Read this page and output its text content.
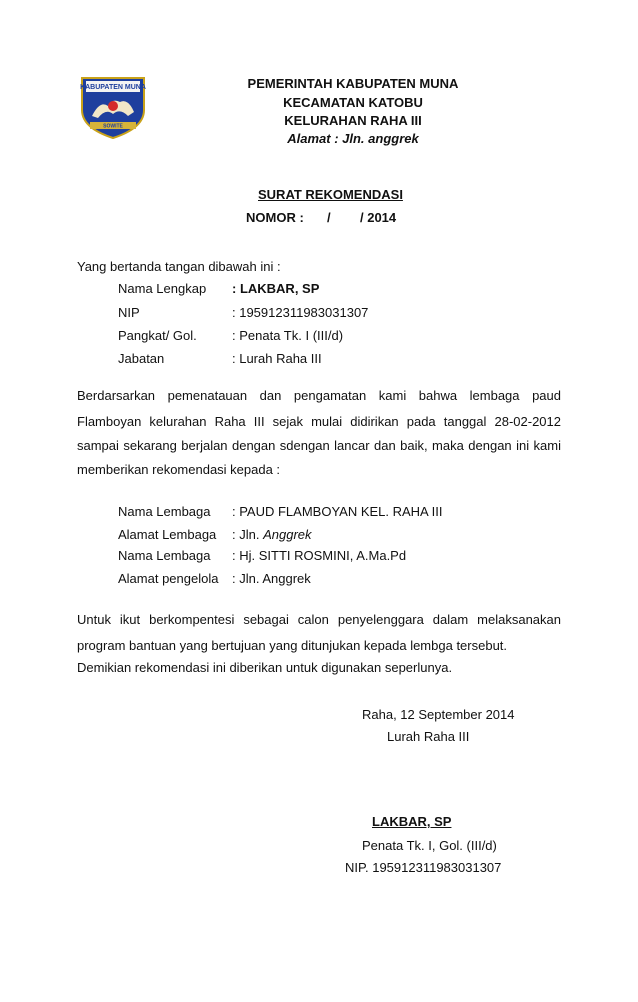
KABUPATEN MUNA
SOWITE
PEMERINTAH KABUPATEN MUNA
KECAMATAN KATOBU
KELURAHAN RAHA III
Alamat : Jln. anggrek
SURAT REKOMENDASI
NOMOR : / / 2014
Yang bertanda tangan dibawah ini :
Nama Lengkap : LAKBAR, SP
NIP	: 195912311983031307
Pangkat/ Gol.	: Penata Tk. I (III/d)
Jabatan	: Lurah Raha III
Berdarsarkan pemenatauan dan pengamatan kami bahwa lembaga paud
Flamboyan kelurahan Raha III sejak mulai didirikan pada tanggal 28-02-2012
sampai sekarang berjalan dengan sdengan lancar dan baik, maka dengan ini kami
memberikan rekomendasi kepada :
Nama Lembaga : PAUD FLAMBOYAN KEL. RAHA III
Alamat Lembaga : Jln. Anggrek
Nama Lembaga : Hj. SITTI ROSMINI, A.Ma.Pd
Alamat pengelola : Jln. Anggrek
Untuk ikut berkompentesi sebagai calon penyelenggara dalam melaksanakan
program bantuan yang bertujuan yang ditunjukan kepada lembga tersebut.
Demikian rekomendasi ini diberikan untuk digunakan seperlunya.
Raha, 12 September 2014
Lurah Raha III
LAKBAR, SP
Penata Tk. I, Gol. (III/d)
NIP. 195912311983031307
